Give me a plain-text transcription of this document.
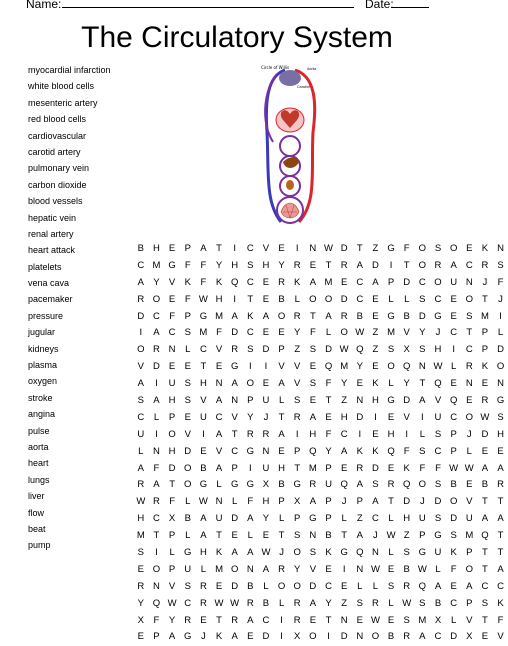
Name:	Date:
The Circulatory System
myocardial infarction
white blood cells
mesenteric artery
red blood cells
cardiovascular
carotid artery
pulmonary vein
carbon dioxide
blood vessels
hepatic vein
renal artery
heart attack
platelets
vena cava
pacemaker
pressure
jugular
kidneys
plasma
oxygen
stroke
angina
pulse
aorta
heart
lungs
liver
flow
beat
pump
Circle of Willis	Aorta
Carotid
B H E P A	T	I	C V E	I	N W D T	Z G F O S O E K N
C M G F	F	Y H S H Y R E	T R A D	I	T O R A C R S
A Y V K	F	K Q C E R K A M E C A P D C O U N	J	F
R O E	F W H	I	T	E B	L O O D C E	L	L	S C E O T	J
D C F	P G M A K A O R T	A R B E G B D G E S M	I
I	A C S M F D C E E Y	F	L O W Z M V Y	J	C T	P	L
O R N	L	C V R S D P	Z	S D W Q Z	S X S H	I	C P D
V D E E	T	E G	I	I	V V E Q M Y E O Q N W L	R K O
A	I	U S H N A O E A V S	F	Y E K	L	Y	T Q E N E N
S A H S V A N P U	L	S E	T	Z N H G D A V Q E R G
C	L	P E U C V Y	J	T R A E H D	I	E V	I	U C O W S
U	I	O V	I	A	T R R A	I	H F C	I	E H	I	L	S P	J	D H
L	N H D E V C G N E P Q Y A K K Q F	S C P	L	E E
A	F D O B A P	I	U H T M P E R D E K	F	F W W A A
R A	T O G L G G X B G R U Q A S R Q O S B E B R
W R F	L W N	L	F H P X A P	J	P A	T D	J	D O V	T	T
H C X B A U D A Y	L	P G P	L	Z C	L	H U S D U A A
M T	P	L	A	T	E	L	E	T	S N B	T	A	J W Z	P G S M Q T
S	I	L G H K A A W J	O S K G Q N	L	S G U K P	T	T
E O P U	L M O N A R Y V E	I	N W E B W L	F O T	A
R N V S R E D B	L O O D C E	L	L	S R Q A E A C C
Y Q W C R W W R B	L	R A Y	Z	S R	L W S B C P S K
X	F	Y R E	T R A C	I	R E	T N E W E S M X	L	V	T	F
E P A G	J	K A E D	I	X O	I	D N O B R A C D X E V
